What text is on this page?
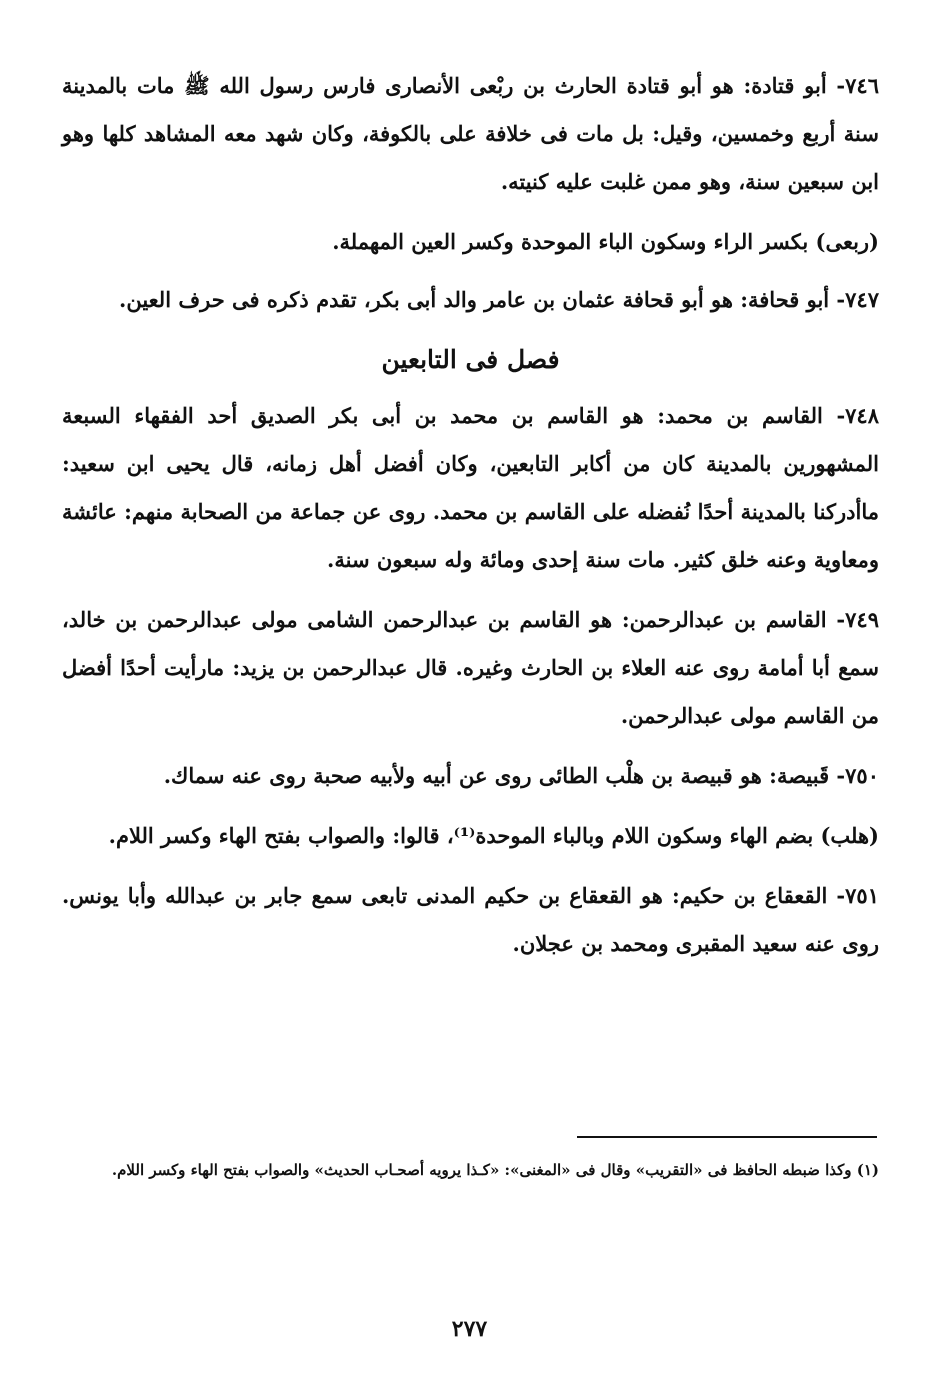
٧٤٦- أبو قتادة: هو أبو قتادة الحارث بن ربْعى الأنصارى فارس رسول الله ﷺ مات بالمدينة سنة أربع وخمسين، وقيل: بل مات فى خلافة على بالكوفة، وكان شهد معه المشاهد كلها وهو ابن سبعين سنة، وهو ممن غلبت عليه كنيته.

(ربعى) بكسر الراء وسكون الباء الموحدة وكسر العين المهملة.

٧٤٧- أبو قحافة: هو أبو قحافة عثمان بن عامر والد أبى بكر، تقدم ذكره فى حرف العين.

فصل فى التابعين

٧٤٨- القاسم بن محمد: هو القاسم بن محمد بن أبى بكر الصديق أحد الفقهاء السبعة المشهورين بالمدينة كان من أكابر التابعين، وكان أفضل أهل زمانه، قال يحيى ابن سعيد: ماأدركنا بالمدينة أحدًا نُفضله على القاسم بن محمد. روى عن جماعة من الصحابة منهم: عائشة ومعاوية وعنه خلق كثير. مات سنة إحدى ومائة وله سبعون سنة.

٧٤٩- القاسم بن عبدالرحمن: هو القاسم بن عبدالرحمن الشامى مولى عبدالرحمن بن خالد، سمع أبا أمامة روى عنه العلاء بن الحارث وغيره. قال عبدالرحمن بن يزيد: مارأيت أحدًا أفضل من القاسم مولى عبدالرحمن.

٧٥٠- قَبيصة: هو قبيصة بن هلْب الطائى روى عن أبيه ولأبيه صحبة روى عنه سماك.

(هلب) بضم الهاء وسكون اللام وبالباء الموحدة⁽¹⁾، قالوا: والصواب بفتح الهاء وكسر اللام.

٧٥١- القعقاع بن حكيم: هو القعقاع بن حكيم المدنى تابعى سمع جابر بن عبدالله وأبا يونس. روى عنه سعيد المقبرى ومحمد بن عجلان.

(١) وكذا ضبطه الحافظ فى «التقريب» وقال فى «المغنى»: «كـذا يرويه أصحـاب الحديث» والصواب بفتح الهاء وكسر اللام.
٢٧٧
